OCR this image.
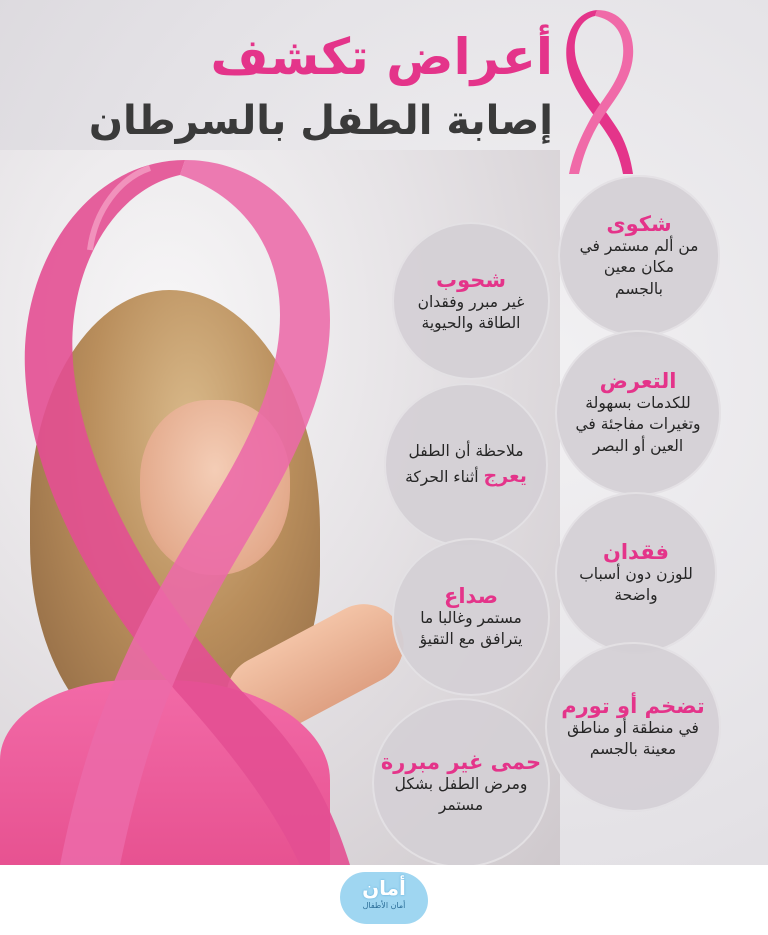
أعراض تكشف
إصابة الطفل بالسرطان
شكوى
من ألم مستمر في
مكان معين
بالجسم
شحوب
غير مبرر وفقدان
الطاقة والحيوية
التعرض
للكدمات بسهولة
وتغيرات مفاجئة في
العين أو البصر
ملاحظة أن الطفل
يعرج أثناء الحركة
فقدان
للوزن دون أسباب
واضحة
صداع
مستمر وغالبا ما
يترافق مع التقيؤ
تضخم أو تورم
في منطقة أو مناطق
معينة بالجسم
حمى غير مبررة
ومرض الطفل بشكل
مستمر
أمان
أمان الأطفال
